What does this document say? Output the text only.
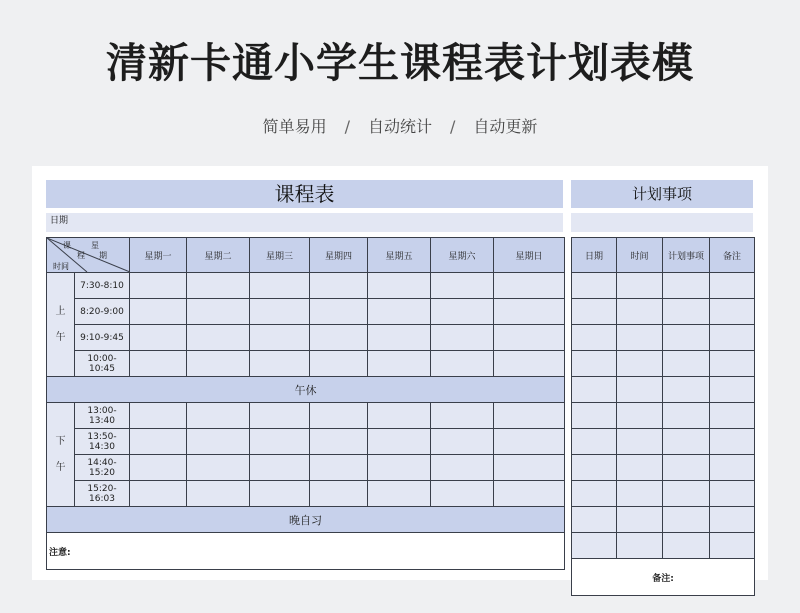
清新卡通小学生课程表计划表模
简单易用 / 自动统计 / 自动更新
课程表	计划事项
日期
课 星
程 期
时间		星期一	星期二	星期三	星期四	星期五	星期六	星期日
上
午	7:30-8:10							
	8:20-9:00							
	9:10-9:45							
	10:00-10:45							
午休								
下
午	13:00-13:40							
	13:50-14:30							
	14:40-15:20							
	15:20-16:03							
晚自习								
注意:								
日期	时间	计划事项	备注

备注:			
